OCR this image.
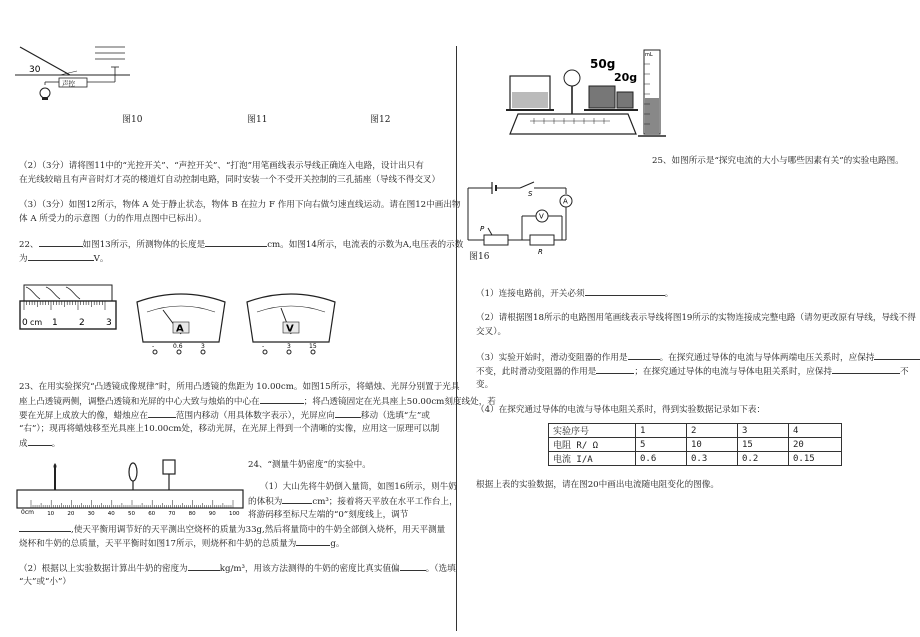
30
声控
图10	图11	图12
（2）（3分）请将图11中的“光控开关”、“声控开关”、“打泡”用笔画线表示导线正确连入电路，设计出只有
在光线较暗且有声音时灯才亮的楼道灯自动控制电路，同时安装一个不受开关控制的三孔插座（导线不得交叉）
（3）（3分）如图12所示，物体 A 处于静止状态，物体 B 在拉力 F 作用下向右做匀速直线运动。请在图12中画出物
体 A 所受力的示意图（力的作用点图中已标出）。
22、	如图13所示，所测物体的长度是	cm。如图14所示，电流表的示数为A,电压表的示数
为	V。
0 cm 1 2 3
A
-	0.6	3
V
-	3	15
23、在用实验探究“凸透镜成像规律”时，所用凸透镜的焦距为 10.00cm。如图15所示，将蜡烛、光屏分别置于光具
座上凸透镜两侧，调整凸透镜和光屏的中心大致与烛焰的中心在	；将凸透镜固定在光具座上50.00cm刻度线处，若
要在光屏上成放大的像，蜡烛应在	范围内移动（用具体数字表示），光屏应向	移动（选填“左”或
“右”）；现再将蜡烛移至光具座上10.00cm处，移动光屏，在光屏上得到一个清晰的实像，应用这一原理可以制
成	。
0cm 10 20 30 40 50 60 70 80 90 100
24、“测量牛奶密度”的实验中。
（1）大山先将牛奶倒入量筒，如图16所示，则牛奶
的体积为	cm³；接着将天平放在水平工作台上，
将游码移至标尺左端的“0”刻度线上，调节
,使天平衡用调节好的天平测出空烧杯的质量为33g,然后将量筒中的牛奶全部倒入烧杯，用天平测量
烧杯和牛奶的总质量，天平平衡时如图17所示，则烧杯和牛奶的总质量为	g。
（2）根据以上实验数据计算出牛奶的密度为	kg/m³，用该方法测得的牛奶的密度比真实值偏	。（选填
“大”或“小”）
50g
20g
mL
25、如图所示是“探究电流的大小与哪些因素有关”的实验电路图。
S
A
V
P
R
图16
（1）连接电路前，开关必须	。
（2）请根据图18所示的电路图用笔画线表示导线将图19所示的实物连接成完整电路（请勿更改原有导线，导线不得
交叉）。
（3）实验开始时，滑动变阻器的作用是	。在探究通过导体的电流与导体两端电压关系时，应保持
不变，此时滑动变阻器的作用是	；在探究通过导体的电流与导体电阻关系时，应保持	不
变。
（4）在探究通过导体的电流与导体电阻关系时，得到实验数据记录如下表：
实验序号	1	2	3	4
电阻 R/ Ω	5	10	15	20
电流 I/A	0.6	0.3	0.2	0.15
根据上表的实验数据，请在图20中画出电流随电阻变化的图像。
